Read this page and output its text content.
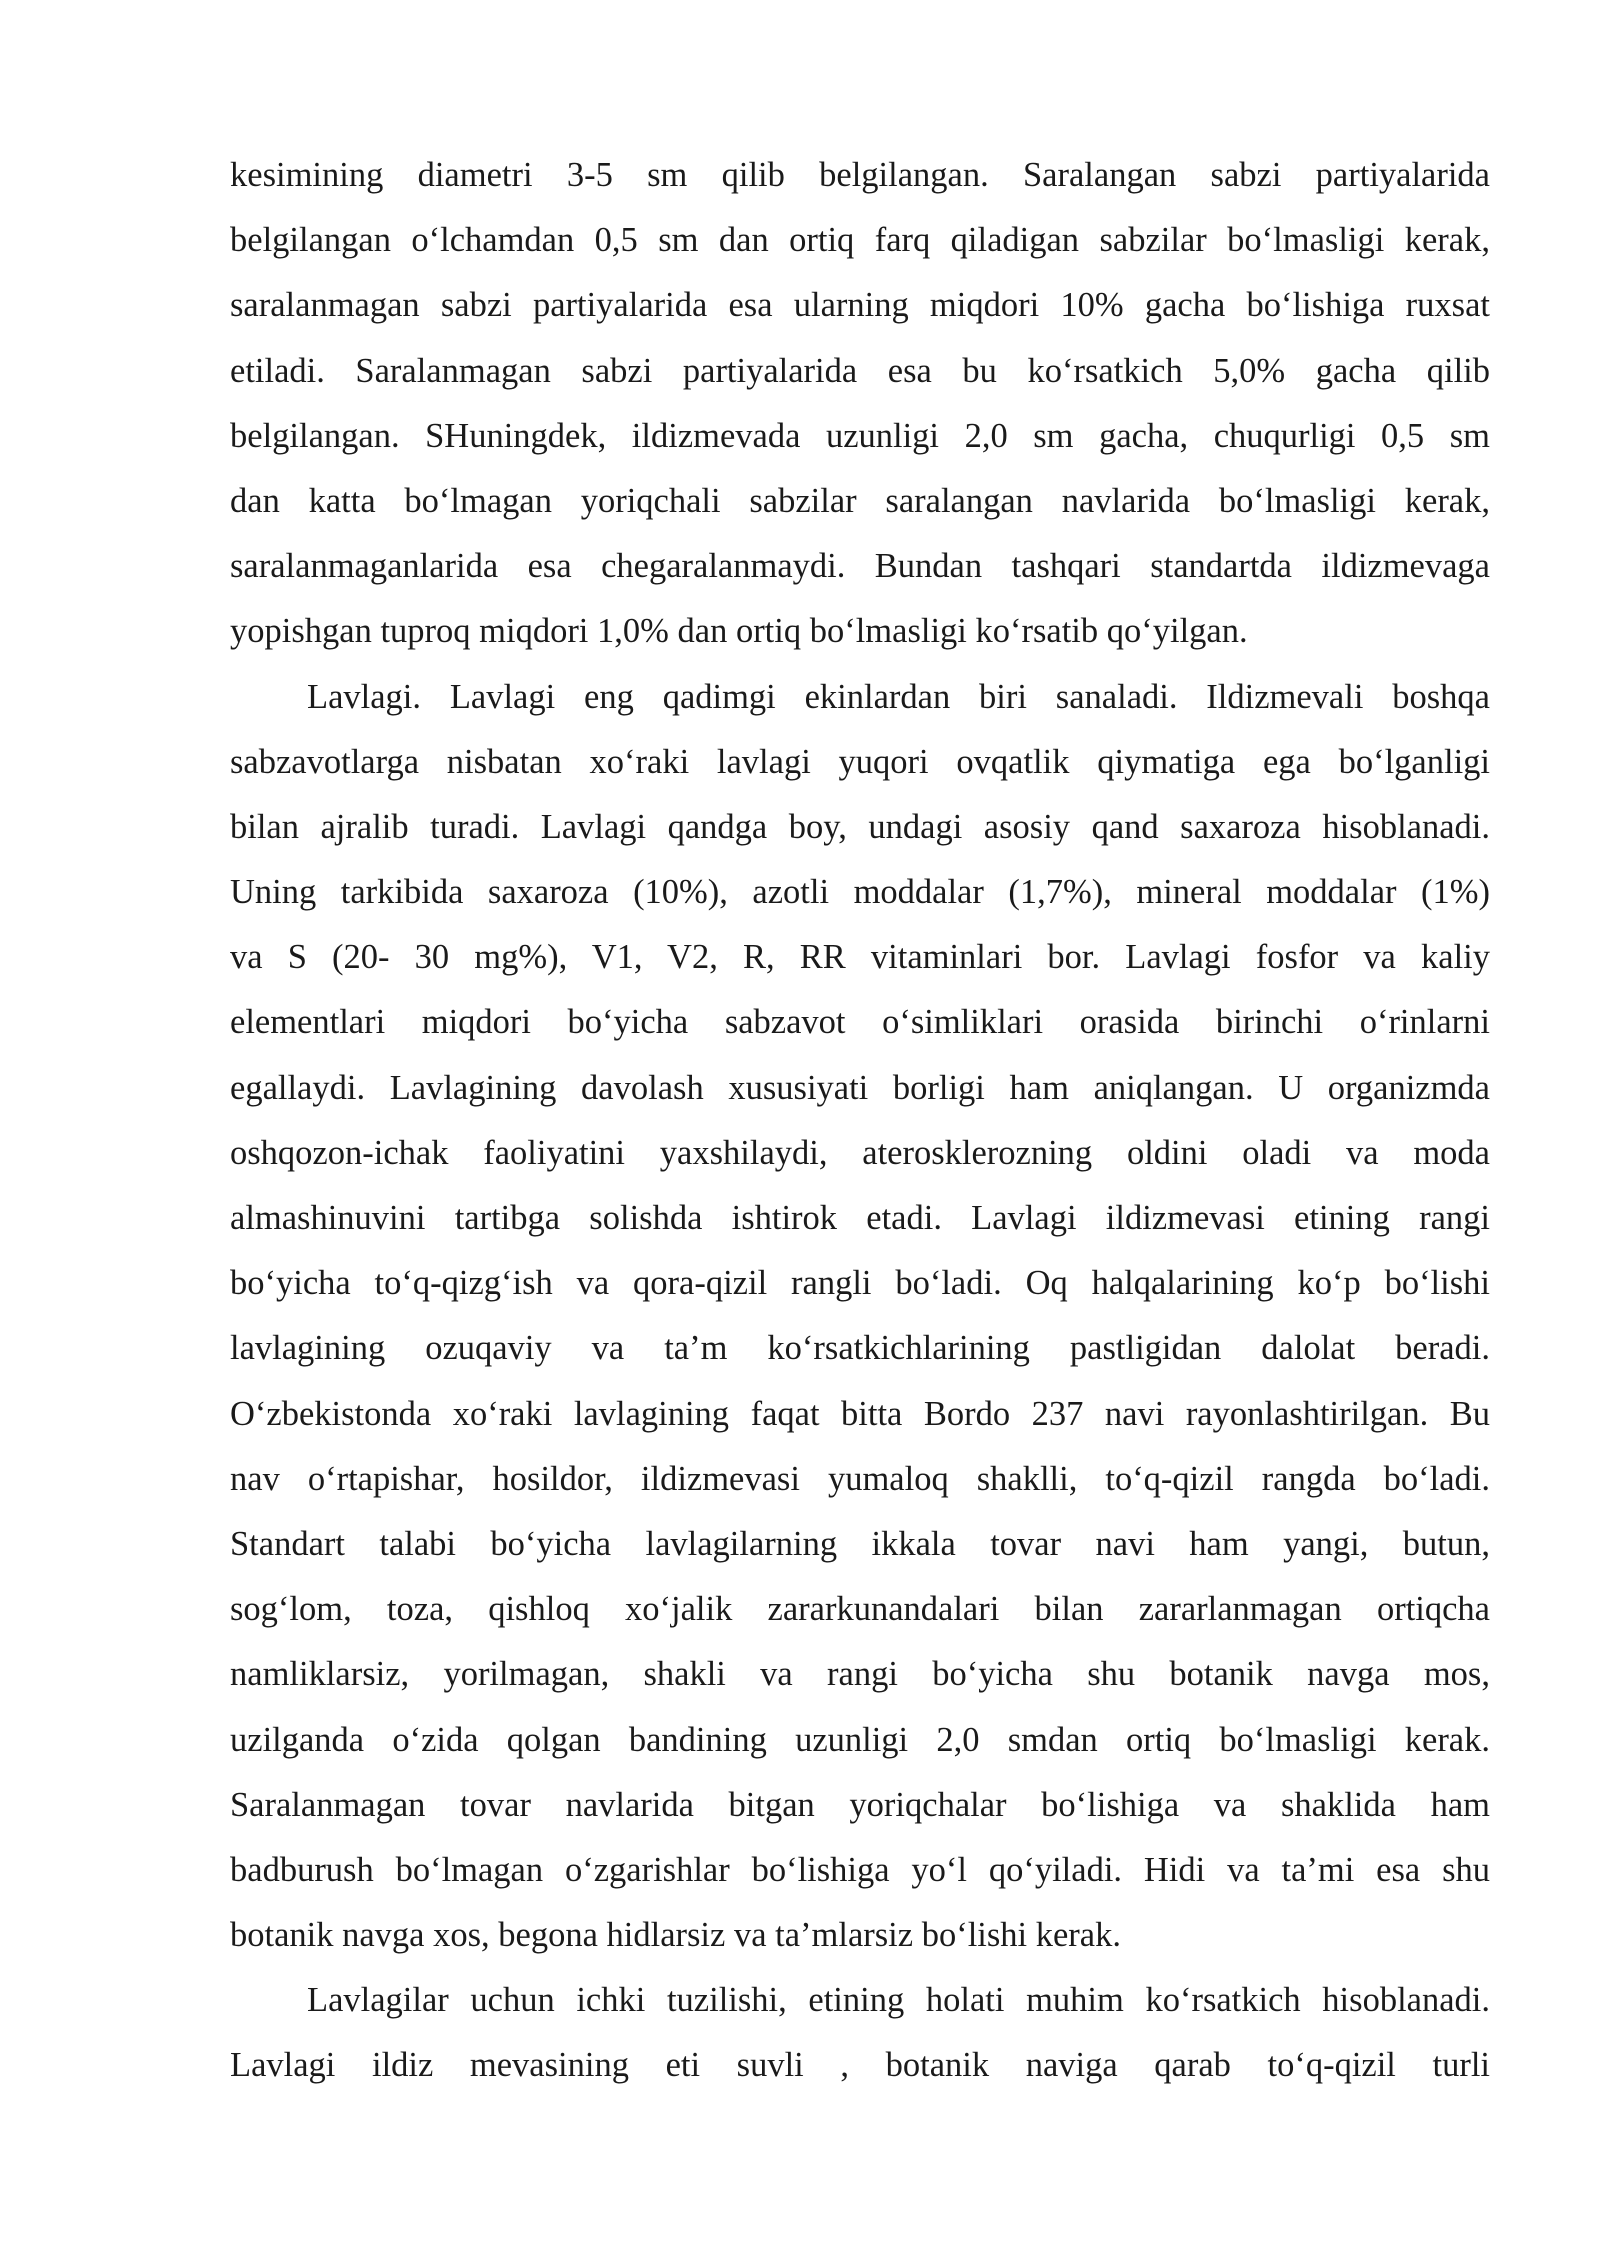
kesimining diametri 3-5 sm qilib belgilangan. Saralangan sabzi partiyalarida
belgilangan o‘lchamdan 0,5 sm dan ortiq farq qiladigan sabzilar bo‘lmasligi kerak,
saralanmagan sabzi partiyalarida esa ularning miqdori 10% gacha bo‘lishiga ruxsat
etiladi. Saralanmagan sabzi partiyalarida esa bu ko‘rsatkich 5,0% gacha qilib
belgilangan. SHuningdek, ildizmevada uzunligi 2,0 sm gacha, chuqurligi 0,5 sm
dan katta bo‘lmagan yoriqchali sabzilar saralangan navlarida bo‘lmasligi kerak,
saralanmaganlarida esa chegaralanmaydi. Bundan tashqari standartda ildizmevaga
yopishgan tuproq miqdori 1,0% dan ortiq bo‘lmasligi ko‘rsatib qo‘yilgan.
Lavlagi. Lavlagi eng qadimgi ekinlardan biri sanaladi. Ildizmevali boshqa
sabzavotlarga nisbatan xo‘raki lavlagi yuqori ovqatlik qiymatiga ega bo‘lganligi
bilan ajralib turadi. Lavlagi qandga boy, undagi asosiy qand saxaroza hisoblanadi.
Uning tarkibida saxaroza (10%), azotli moddalar (1,7%), mineral moddalar (1%)
va S (20- 30 mg%), V1, V2, R, RR vitaminlari bor. Lavlagi fosfor va kaliy
elementlari miqdori bo‘yicha sabzavot o‘simliklari orasida birinchi o‘rinlarni
egallaydi. Lavlagining davolash xususiyati borligi ham aniqlangan. U organizmda
oshqozon-ichak faoliyatini yaxshilaydi, aterosklerozning oldini oladi va moda
almashinuvini tartibga solishda ishtirok etadi. Lavlagi ildizmevasi etining rangi
bo‘yicha to‘q-qizg‘ish va qora-qizil rangli bo‘ladi. Oq halqalarining ko‘p bo‘lishi
lavlagining ozuqaviy va ta’m ko‘rsatkichlarining pastligidan dalolat beradi.
O‘zbekistonda xo‘raki lavlagining faqat bitta Bordo 237 navi rayonlashtirilgan. Bu
nav o‘rtapishar, hosildor, ildizmevasi yumaloq shaklli, to‘q-qizil rangda bo‘ladi.
Standart talabi bo‘yicha lavlagilarning ikkala tovar navi ham yangi, butun,
sog‘lom, toza, qishloq xo‘jalik zararkunandalari bilan zararlanmagan ortiqcha
namliklarsiz, yorilmagan, shakli va rangi bo‘yicha shu botanik navga mos,
uzilganda o‘zida qolgan bandining uzunligi 2,0 smdan ortiq bo‘lmasligi kerak.
Saralanmagan tovar navlarida bitgan yoriqchalar bo‘lishiga va shaklida ham
badburush bo‘lmagan o‘zgarishlar bo‘lishiga yo‘l qo‘yiladi. Hidi va ta’mi esa shu
botanik navga xos, begona hidlarsiz va ta’mlarsiz bo‘lishi kerak.
Lavlagilar uchun ichki tuzilishi, etining holati muhim ko‘rsatkich hisoblanadi.
Lavlagi ildiz mevasining eti suvli , botanik naviga qarab to‘q-qizil turli
